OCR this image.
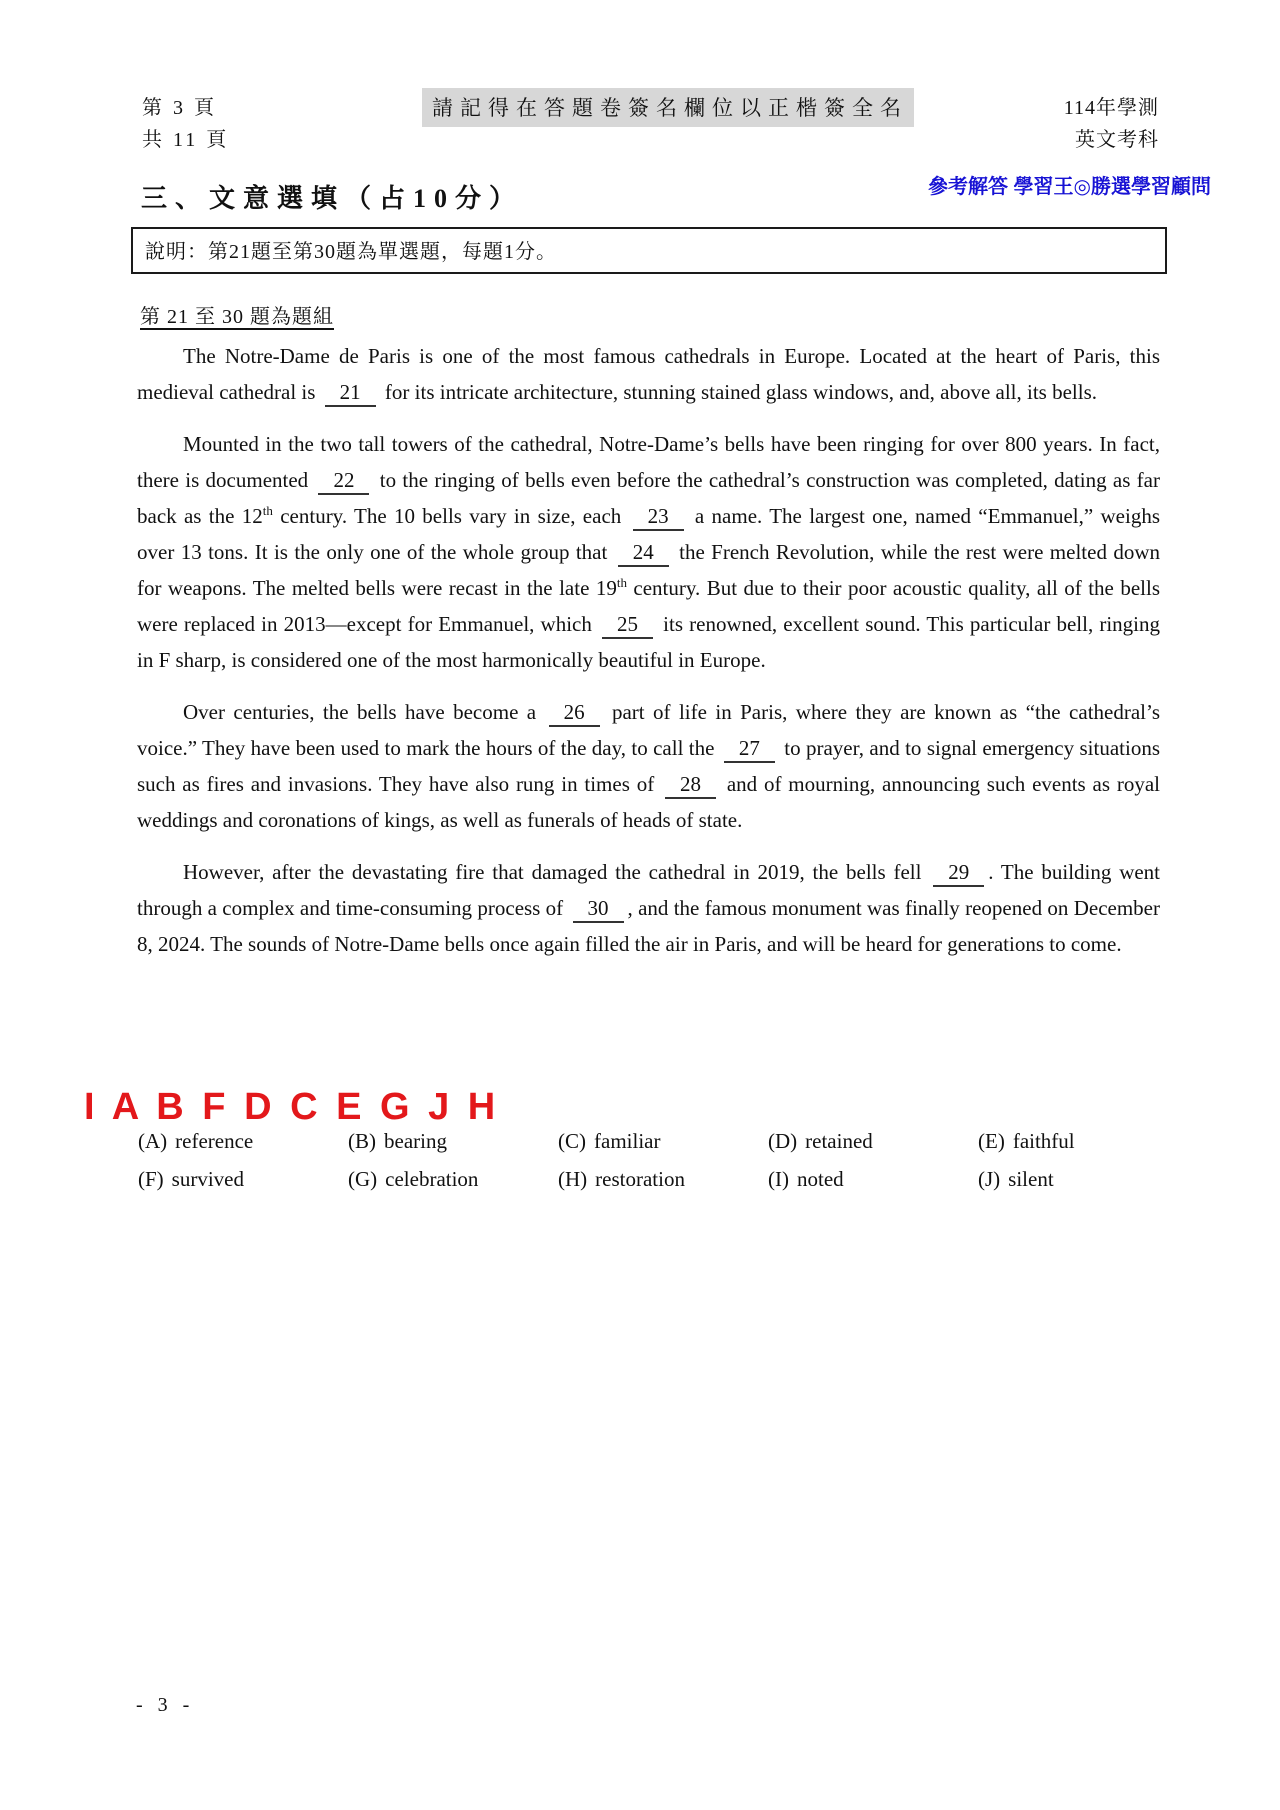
第 3 頁
共 11 頁
請記得在答題卷簽名欄位以正楷簽全名	114年學測
英文考科
參考解答 學習王◎勝選學習顧問
三、文意選填（占10分）
說明：第21題至第30題為單選題，每題1分。
第 21 至 30 題為題組

The Notre-Dame de Paris is one of the most famous cathedrals in Europe. Located at the heart of Paris, this medieval cathedral is 21 for its intricate architecture, stunning stained glass windows, and, above all, its bells.

Mounted in the two tall towers of the cathedral, Notre-Dame’s bells have been ringing for over 800 years. In fact, there is documented 22 to the ringing of bells even before the cathedral’s construction was completed, dating as far back as the 12th century. The 10 bells vary in size, each 23 a name. The largest one, named “Emmanuel,” weighs over 13 tons. It is the only one of the whole group that 24 the French Revolution, while the rest were melted down for weapons. The melted bells were recast in the late 19th century. But due to their poor acoustic quality, all of the bells were replaced in 2013—except for Emmanuel, which 25 its renowned, excellent sound. This particular bell, ringing in F sharp, is considered one of the most harmonically beautiful in Europe.

Over centuries, the bells have become a 26 part of life in Paris, where they are known as “the cathedral’s voice.” They have been used to mark the hours of the day, to call the 27 to prayer, and to signal emergency situations such as fires and invasions. They have also rung in times of 28 and of mourning, announcing such events as royal weddings and coronations of kings, as well as funerals of heads of state.

However, after the devastating fire that damaged the cathedral in 2019, the bells fell 29 . The building went through a complex and time-consuming process of 30 , and the famous monument was finally reopened on December 8, 2024. The sounds of Notre-Dame bells once again filled the air in Paris, and will be heard for generations to come.

I A B F D C E G J H
(A) reference	(B) bearing	(C) familiar	(D) retained	(E) faithful
(F) survived	(G) celebration	(H) restoration	(I) noted	(J) silent
- 3 -
